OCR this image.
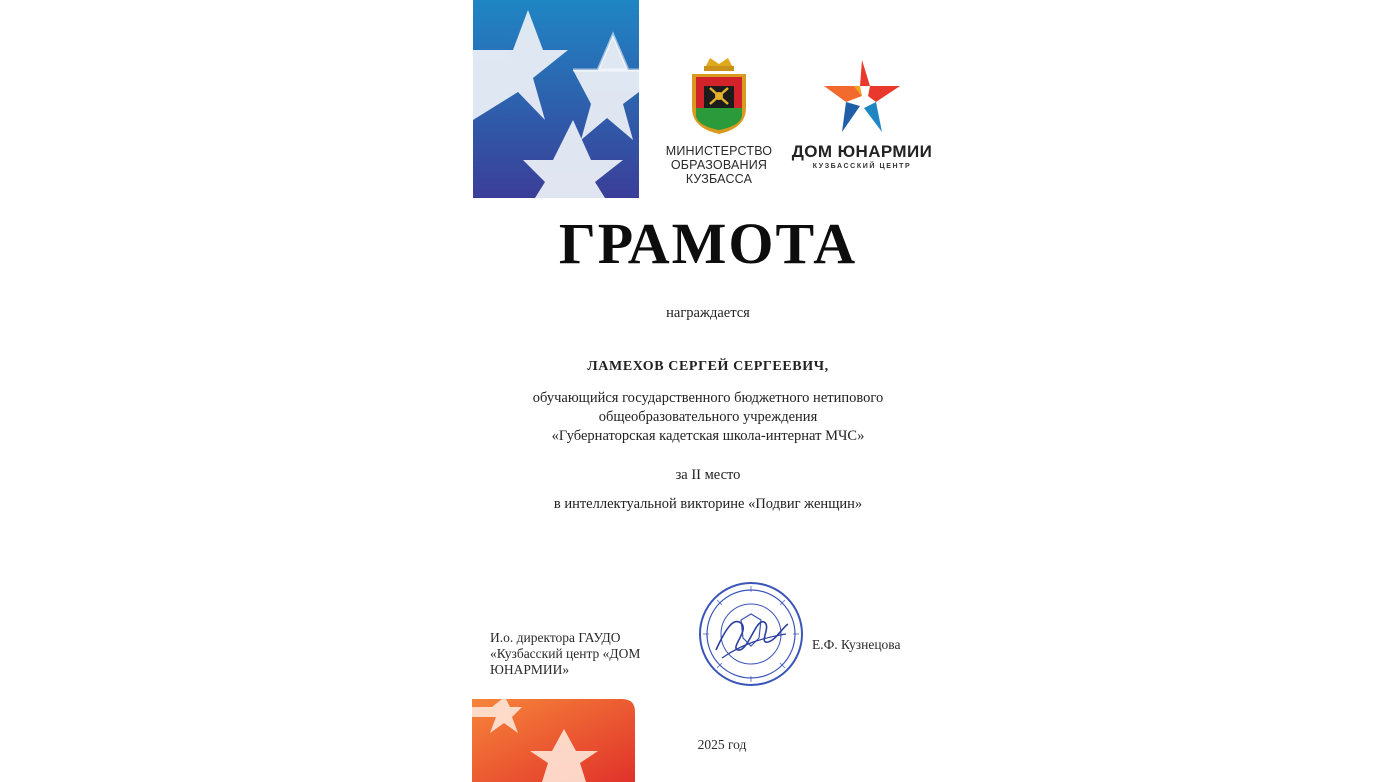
МИНИСТЕРСТВО
ОБРАЗОВАНИЯ
КУЗБАССА
ДОМ ЮНАРМИИ
КУЗБАССКИЙ ЦЕНТР
ГРАМОТА
награждается
ЛАМЕХОВ СЕРГЕЙ СЕРГЕЕВИЧ,
обучающийся государственного бюджетного нетипового
общеобразовательного учреждения
«Губернаторская кадетская школа-интернат МЧС»
за II место
в интеллектуальной викторине «Подвиг женщин»
И.о. директора ГАУДО
«Кузбасский центр «ДОМ
ЮНАРМИИ»
Е.Ф. Кузнецова
2025 год
